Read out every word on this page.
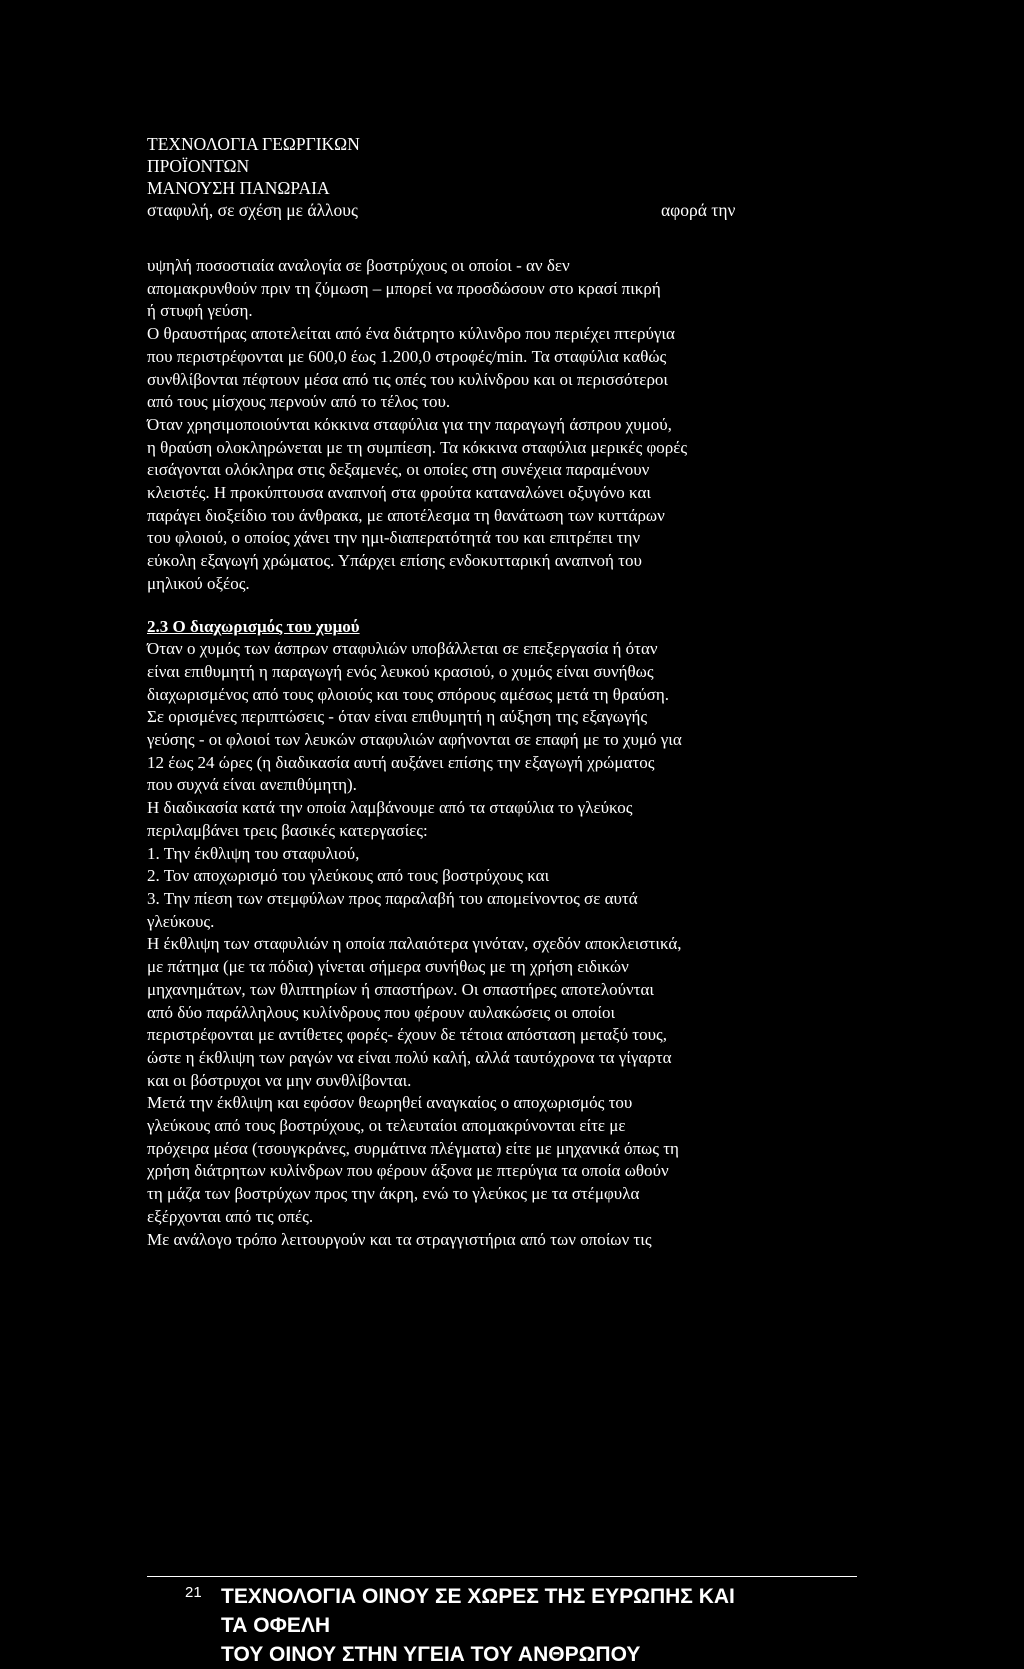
ΤΕΧΝΟΛΟΓΙΑ ΓΕΩΡΓΙΚΩΝ
ΠΡΟΪΟΝΤΩΝ
ΜΑΝΟΥΣΗ ΠΑΝΩΡΑΙΑ
σταφυλή, σε σχέση με άλλους	αφορά την

υψηλή ποσοστιαία αναλογία σε βοστρύχους οι οποίοι - αν δεν

απομακρυνθούν πριν τη ζύμωση – μπορεί να προσδώσουν στο κρασί πικρή

ή στυφή γεύση.

Ο θραυστήρας αποτελείται από ένα διάτρητο κύλινδρο που περιέχει πτερύγια

που περιστρέφονται με 600,0 έως 1.200,0 στροφές/min. Τα σταφύλια καθώς

συνθλίβονται πέφτουν μέσα από τις οπές του κυλίνδρου και οι περισσότεροι

από τους μίσχους περνούν από το τέλος του.

Όταν χρησιμοποιούνται κόκκινα σταφύλια για την παραγωγή άσπρου χυμού,

η θραύση ολοκληρώνεται με τη συμπίεση. Τα κόκκινα σταφύλια μερικές φορές

εισάγονται ολόκληρα στις δεξαμενές, οι οποίες στη συνέχεια παραμένουν

κλειστές. Η προκύπτουσα αναπνοή στα φρούτα καταναλώνει οξυγόνο και

παράγει διοξείδιο του άνθρακα, με αποτέλεσμα τη θανάτωση των κυττάρων

του φλοιού, ο οποίος χάνει την ημι-διαπερατότητά του και επιτρέπει την

εύκολη εξαγωγή χρώματος. Υπάρχει επίσης ενδοκυτταρική αναπνοή του

μηλικού οξέος.

2.3 Ο διαχωρισμός του χυμού

Όταν ο χυμός των άσπρων σταφυλιών υποβάλλεται σε επεξεργασία ή όταν

είναι επιθυμητή η παραγωγή ενός λευκού κρασιού, ο χυμός είναι συνήθως

διαχωρισμένος από τους φλοιούς και τους σπόρους αμέσως μετά τη θραύση.

Σε ορισμένες περιπτώσεις - όταν είναι επιθυμητή η αύξηση της εξαγωγής

γεύσης - οι φλοιοί των λευκών σταφυλιών αφήνονται σε επαφή με το χυμό για

12 έως 24 ώρες (η διαδικασία αυτή αυξάνει επίσης την εξαγωγή χρώματος

που συχνά είναι ανεπιθύμητη).

Η διαδικασία κατά την οποία λαμβάνουμε από τα σταφύλια το γλεύκος

περιλαμβάνει τρεις βασικές κατεργασίες:

1. Την έκθλιψη του σταφυλιού,

2. Τον αποχωρισμό του γλεύκους από τους βοστρύχους και

3. Την πίεση των στεμφύλων προς παραλαβή του απομείνοντος σε αυτά

γλεύκους.

Η έκθλιψη των σταφυλιών η οποία παλαιότερα γινόταν, σχεδόν αποκλειστικά,

με πάτημα (με τα πόδια) γίνεται σήμερα συνήθως με τη χρήση ειδικών

μηχανημάτων, των θλιπτηρίων ή σπαστήρων. Οι σπαστήρες αποτελούνται

από δύο παράλληλους κυλίνδρους που φέρουν αυλακώσεις οι οποίοι

περιστρέφονται με αντίθετες φορές- έχουν δε τέτοια απόσταση μεταξύ τους,

ώστε η έκθλιψη των ραγών να είναι πολύ καλή, αλλά ταυτόχρονα τα γίγαρτα

και οι βόστρυχοι να μην συνθλίβονται.

Μετά την έκθλιψη και εφόσον θεωρηθεί αναγκαίος ο αποχωρισμός του

γλεύκους από τους βοστρύχους, οι τελευταίοι απομακρύνονται είτε με

πρόχειρα μέσα (τσουγκράνες, συρμάτινα πλέγματα) είτε με μηχανικά όπως τη

χρήση διάτρητων κυλίνδρων που φέρουν άξονα με πτερύγια τα οποία ωθούν

τη μάζα των βοστρύχων προς την άκρη, ενώ το γλεύκος με τα στέμφυλα

εξέρχονται από τις οπές.

Με ανάλογο τρόπο λειτουργούν και τα στραγγιστήρια από των οποίων τις

21 ΤΕΧΝΟΛΟΓΙΑ ΟΙΝΟΥ ΣΕ ΧΩΡΕΣ ΤΗΣ ΕΥΡΩΠΗΣ ΚΑΙ
ΤΑ ΟΦΕΛΗ
ΤΟΥ ΟΙΝΟΥ ΣΤΗΝ ΥΓΕΙΑ ΤΟΥ ΑΝΘΡΩΠΟΥ
